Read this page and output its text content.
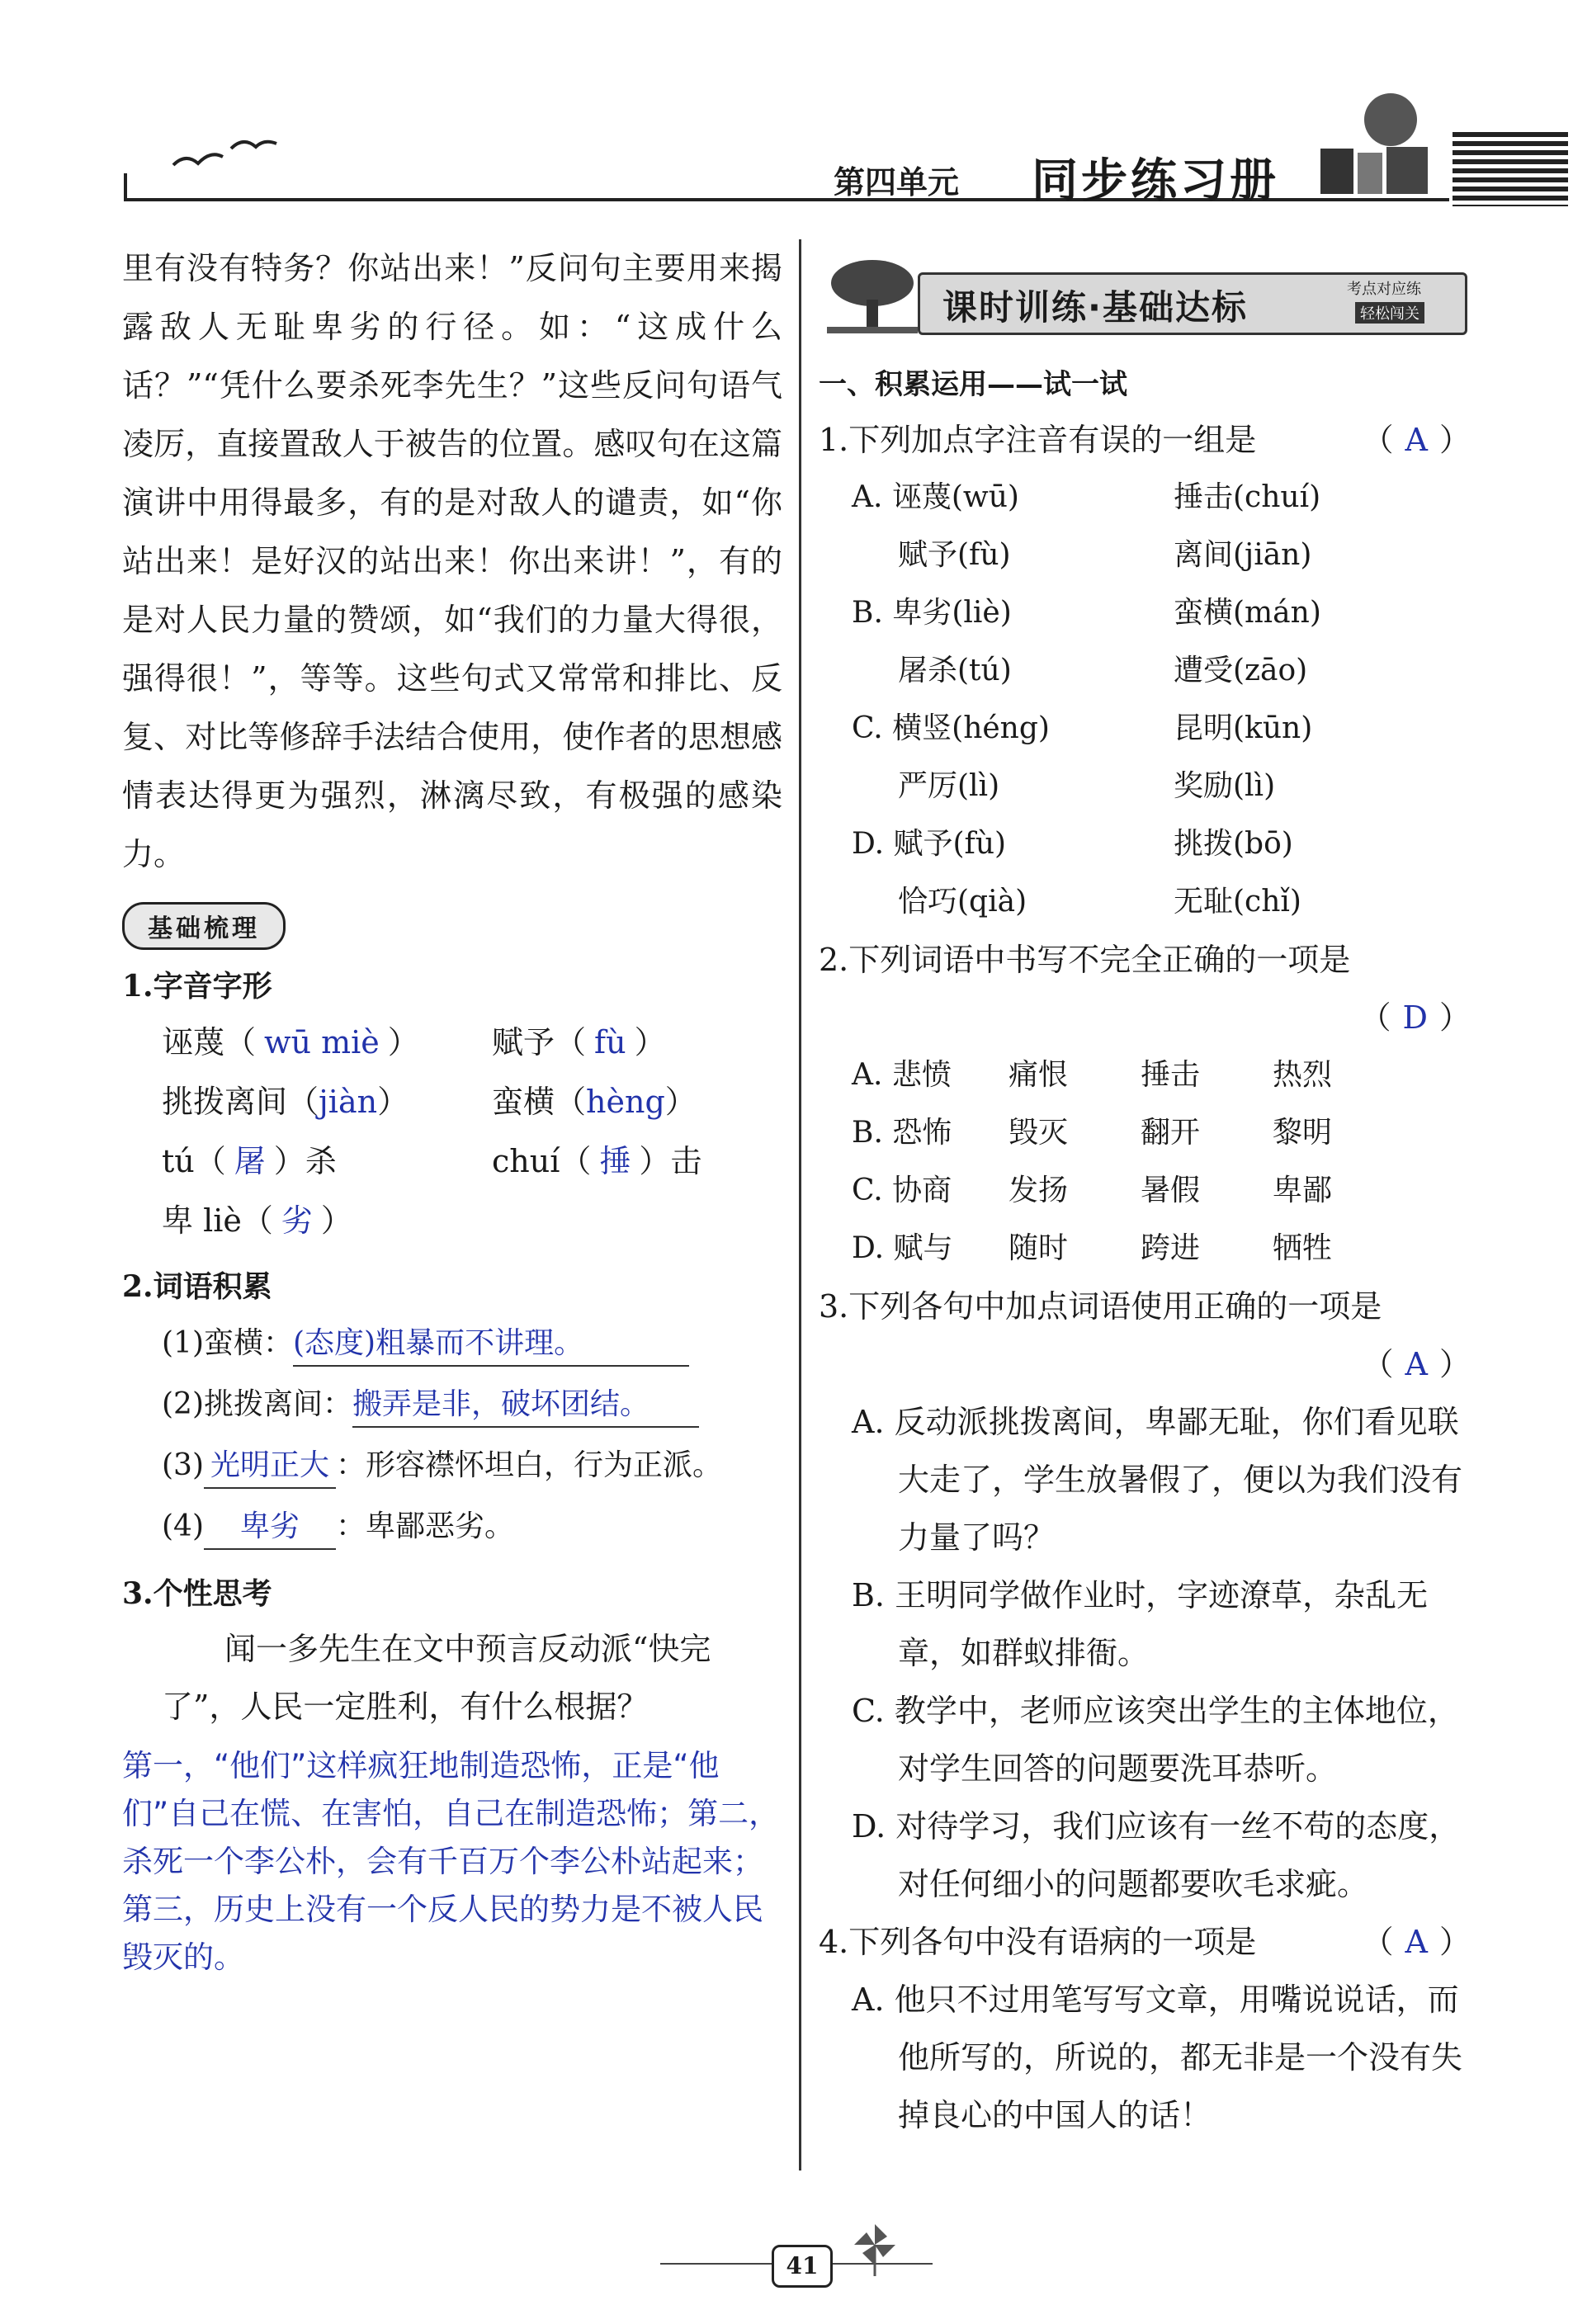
第四单元 同步练习册

里有没有特务？你站出来！”反问句主要用来揭露敌人无耻卑劣的行径。如：“这成什么话？”“凭什么要杀死李先生？”这些反问句语气凌厉，直接置敌人于被告的位置。感叹句在这篇演讲中用得最多，有的是对敌人的谴责，如“你站出来！是好汉的站出来！你出来讲！”，有的是对人民力量的赞颂，如“我们的力量大得很，强得很！”，等等。这些句式又常常和排比、反复、对比等修辞手法结合使用，使作者的思想感情表达得更为强烈，淋漓尽致，有极强的感染力。

基础梳理
1.字音字形
诬蔑（ wū miè ）	赋予（ fù ）
挑拨离间（jiàn）	蛮横（hèng）
tú（ 屠 ）杀	chuí（ 捶 ）击
卑 liè（ 劣 ）
2.词语积累
(1)蛮横： (态度)粗暴而不讲理。
(2)挑拨离间： 搬弄是非，破坏团结。
(3) 光明正大 ：形容襟怀坦白，行为正派。
(4)	卑劣	：卑鄙恶劣。
3.个性思考

闻一多先生在文中预言反动派“快完了”，人民一定胜利，有什么根据？

第一，“他们”这样疯狂地制造恐怖，正是“他们”自己在慌、在害怕，自己在制造恐怖；第二，杀死一个李公朴，会有千百万个李公朴站起来；第三，历史上没有一个反人民的势力是不被人民毁灭的。
课时训练·基础达标	考点对应练
轻松闯关
一、积累运用——试一试
1.下列加点字注音有误的一组是	（ A ）
A. 诬蔑(wū)	捶击(chuí)
赋予(fù)	离间(jiān)
B. 卑劣(liè)	蛮横(mán)
屠杀(tú)	遭受(zāo)
C. 横竖(héng)	昆明(kūn)
严厉(lì)	奖励(lì)
D. 赋予(fù)	挑拨(bō)
恰巧(qià)	无耻(chǐ)
2.下列词语中书写不完全正确的一项是
（ D ）
A. 悲愤	痛恨	捶击	热烈
B. 恐怖	毁灭	翻开	黎明
C. 协商	发扬	暑假	卑鄙
D. 赋与	随时	跨进	牺牲
3.下列各句中加点词语使用正确的一项是
（ A ）
A. 反动派挑拨离间，卑鄙无耻，你们看见联
大走了，学生放暑假了，便以为我们没有
力量了吗？
B. 王明同学做作业时，字迹潦草，杂乱无
章，如群蚁排衙。
C. 教学中，老师应该突出学生的主体地位，
对学生回答的问题要洗耳恭听。
D. 对待学习，我们应该有一丝不苟的态度，
对任何细小的问题都要吹毛求疵。
4.下列各句中没有语病的一项是	（ A ）
A. 他只不过用笔写写文章，用嘴说说话，而
他所写的，所说的，都无非是一个没有失
掉良心的中国人的话！
41
